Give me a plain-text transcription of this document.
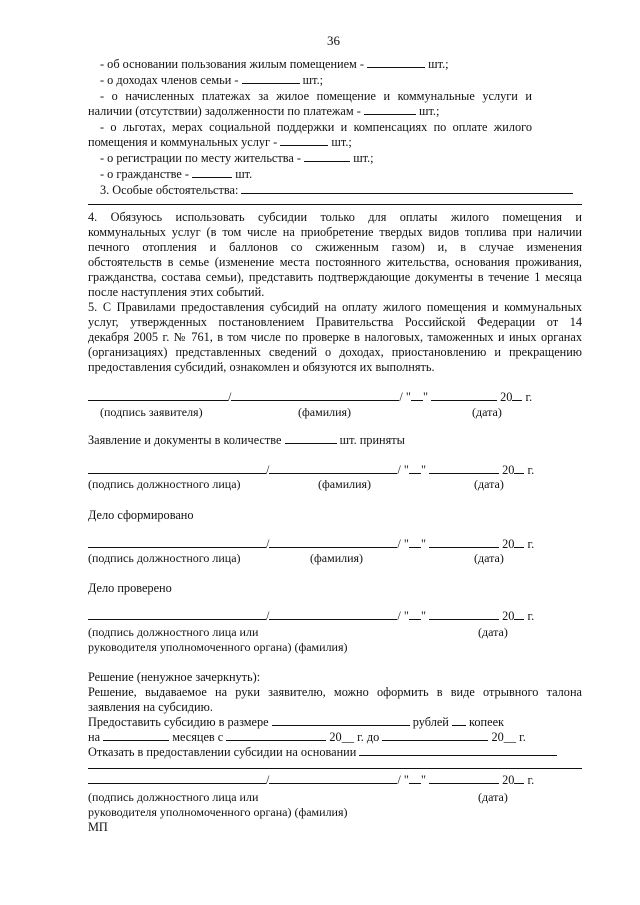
36
- об основании пользования жилым помещением -	шт.;
- о доходах членов семьи -	шт.;
- о начисленных платежах за жилое помещение и коммунальные услуги и
наличии (отсутствии) задолженности по платежам -	шт.;
- о льготах, мерах социальной поддержки и компенсациях по оплате жилого
помещения и коммунальных услуг -	шт.;
- о регистрации по месту жительства -	шт.;
- о гражданстве -	шт.
3. Особые обстоятельства:
4. Обязуюсь использовать субсидии только для оплаты жилого помещения и
коммунальных услуг (в том числе на приобретение твердых видов топлива при наличии
печного отопления и баллонов со сжиженным газом) и, в случае изменения
обстоятельств в семье (изменение места постоянного жительства, основания проживания,
гражданства, состава семьи), представить подтверждающие документы в течение 1 месяца
после наступления этих событий.
5. С Правилами предоставления субсидий на оплату жилого помещения и коммунальных
услуг, утвержденных постановлением Правительства Российской Федерации от 14
декабря 2005 г. № 761, в том числе по проверке в налоговых, таможенных и иных органах
(организациях) представленных сведений о доходах, приостановлению и прекращению
предоставления субсидий, ознакомлен и обязуются их выполнять.
/	/ " "	20 г.
(подпись заявителя)	(фамилия)	(дата)
Заявление и документы в количестве	шт. приняты
/	/ " "	20 г.
(подпись должностного лица)	(фамилия)	(дата)
Дело сформировано
/	/ " "	20 г.
(подпись должностного лица)	(фамилия)	(дата)
Дело проверено
/	/ " "	20 г.
(подпись должностного лица или	(дата)
руководителя уполномоченного органа) (фамилия)
Решение (ненужное зачеркнуть):
Решение, выдаваемое на руки заявителю, можно оформить в виде отрывного талона
заявления на субсидию.
Предоставить субсидию в размере	рублей копеек
на	месяцев с	20__ г. до	20__ г.
Отказать в предоставлении субсидии на основании
/	/ " "	20 г.
(подпись должностного лица или	(дата)
руководителя уполномоченного органа) (фамилия)
МП
